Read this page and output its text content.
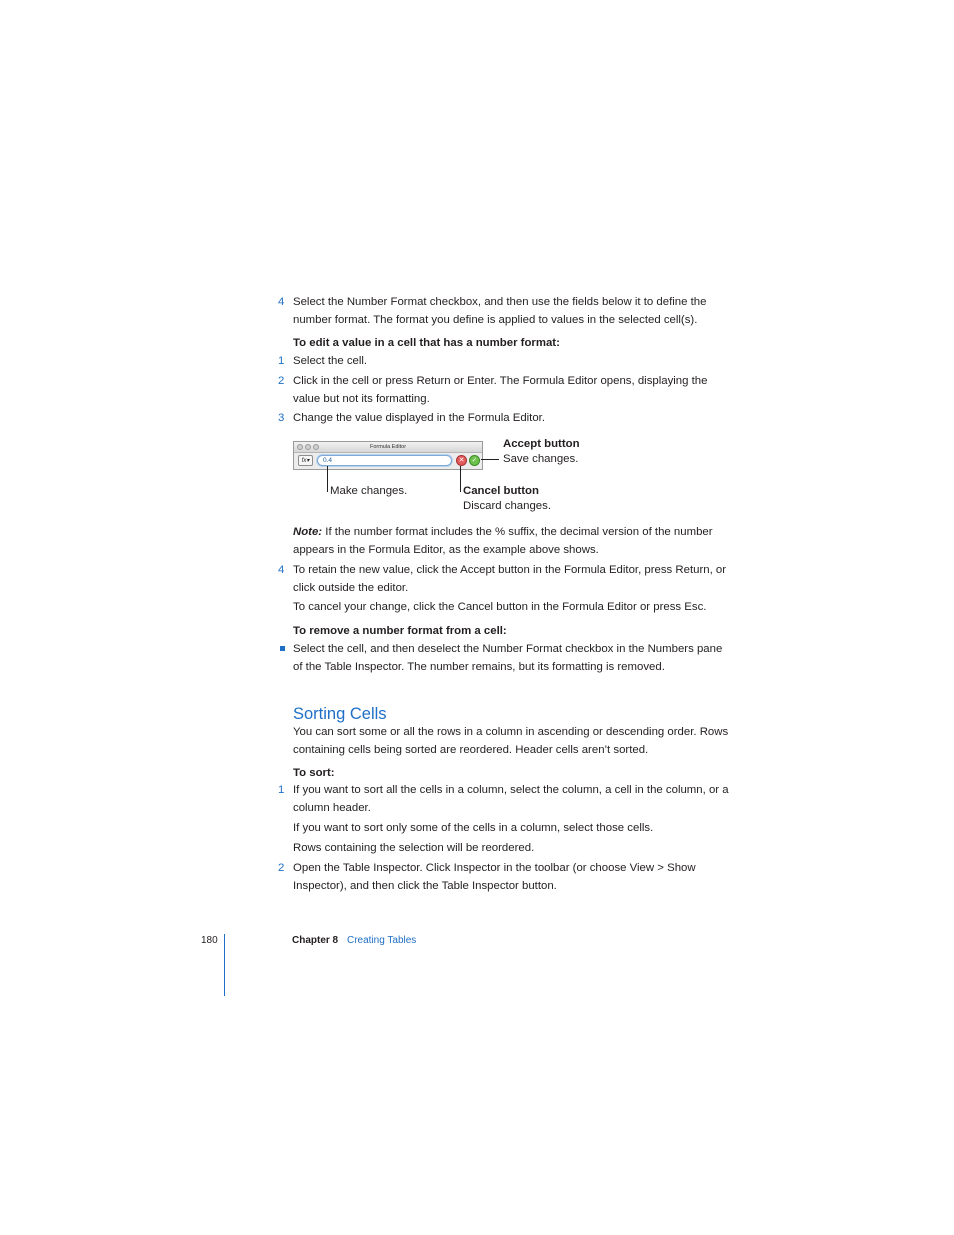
4 Select the Number Format checkbox, and then use the fields below it to define the number format. The format you define is applied to values in the selected cell(s).
To edit a value in a cell that has a number format:
1 Select the cell.
2 Click in the cell or press Return or Enter. The Formula Editor opens, displaying the value but not its formatting.
3 Change the value displayed in the Formula Editor.
Formula Editor
fx▾	0.4	✕	✓
Accept button
Save changes.
Make changes.	Cancel button
Discard changes.
Note: If the number format includes the % suffix, the decimal version of the number appears in the Formula Editor, as the example above shows.
4 To retain the new value, click the Accept button in the Formula Editor, press Return, or click outside the editor.
To cancel your change, click the Cancel button in the Formula Editor or press Esc.
To remove a number format from a cell:
Select the cell, and then deselect the Number Format checkbox in the Numbers pane of the Table Inspector. The number remains, but its formatting is removed.
Sorting Cells
You can sort some or all the rows in a column in ascending or descending order. Rows containing cells being sorted are reordered. Header cells aren’t sorted.
To sort:
1 If you want to sort all the cells in a column, select the column, a cell in the column, or a column header.
If you want to sort only some of the cells in a column, select those cells.
Rows containing the selection will be reordered.
2 Open the Table Inspector. Click Inspector in the toolbar (or choose View > Show Inspector), and then click the Table Inspector button.
180	Chapter 8 Creating Tables
